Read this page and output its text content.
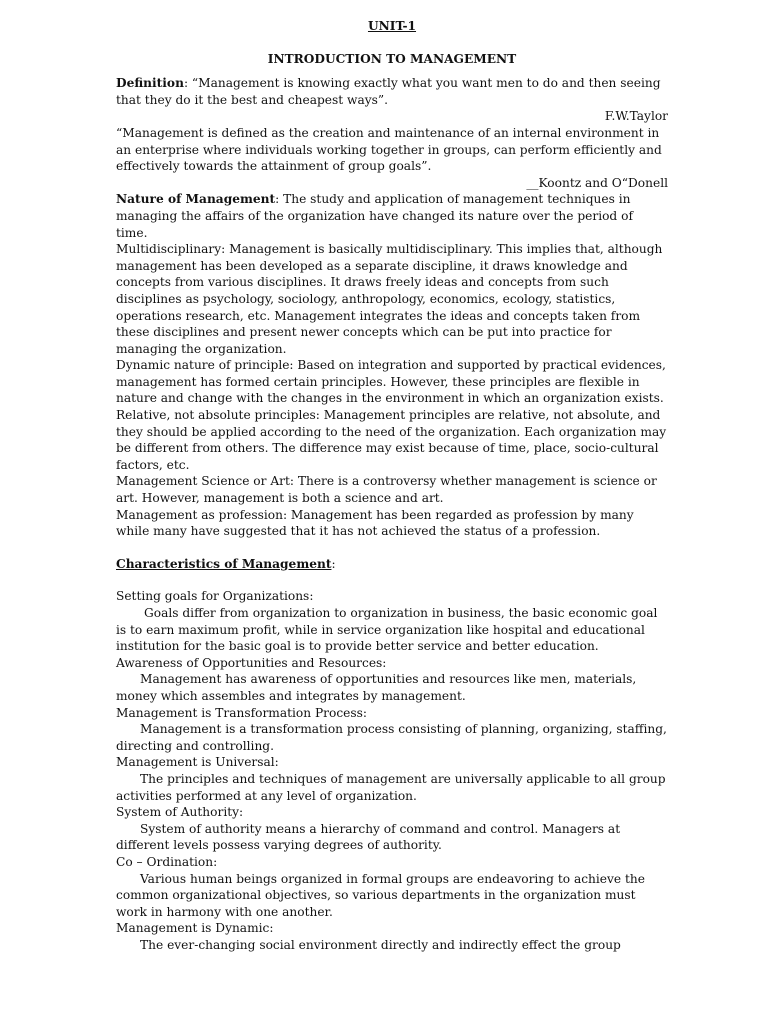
UNIT-1
INTRODUCTION TO MANAGEMENT

Definition: “Management is knowing exactly what you want men to do and then seeing that they do it the best and cheapest ways”.

F.W.Taylor

“Management is defined as the creation and maintenance of an internal environment in an enterprise where individuals working together in groups, can perform efficiently and effectively towards the attainment of group goals”.

__Koontz and O“Donell

Nature of Management: The study and application of management techniques in managing the affairs of the organization have changed its nature over the period of time.

Multidisciplinary: Management is basically multidisciplinary. This implies that, although management has been developed as a separate discipline, it draws knowledge and concepts from various disciplines. It draws freely ideas and concepts from such disciplines as psychology, sociology, anthropology, economics, ecology, statistics, operations research, etc. Management integrates the ideas and concepts taken from these disciplines and present newer concepts which can be put into practice for managing the organization.

Dynamic nature of principle: Based on integration and supported by practical evidences, management has formed certain principles. However, these principles are flexible in nature and change with the changes in the environment in which an organization exists.

Relative, not absolute principles: Management principles are relative, not absolute, and they should be applied according to the need of the organization. Each organization may be different from others. The difference may exist because of time, place, socio-cultural factors, etc.

Management Science or Art: There is a controversy whether management is science or art. However, management is both a science and art.

Management as profession: Management has been regarded as profession by many while many have suggested that it has not achieved the status of a profession.

Characteristics of Management:

Setting goals for Organizations:

Goals differ from organization to organization in business, the basic economic goal is to earn maximum profit, while in service organization like hospital and educational institution for the basic goal is to provide better service and better education.

Awareness of Opportunities and Resources:

Management has awareness of opportunities and resources like men, materials, money which assembles and integrates by management.

Management is Transformation Process:

Management is a transformation process consisting of planning, organizing, staffing, directing and controlling.

Management is Universal:

The principles and techniques of management are universally applicable to all group activities performed at any level of organization.

System of Authority:

System of authority means a hierarchy of command and control. Managers at different levels possess varying degrees of authority.

Co – Ordination:

Various human beings organized in formal groups are endeavoring to achieve the common organizational objectives, so various departments in the organization must work in harmony with one another.

Management is Dynamic:

The ever-changing social environment directly and indirectly effect the group
